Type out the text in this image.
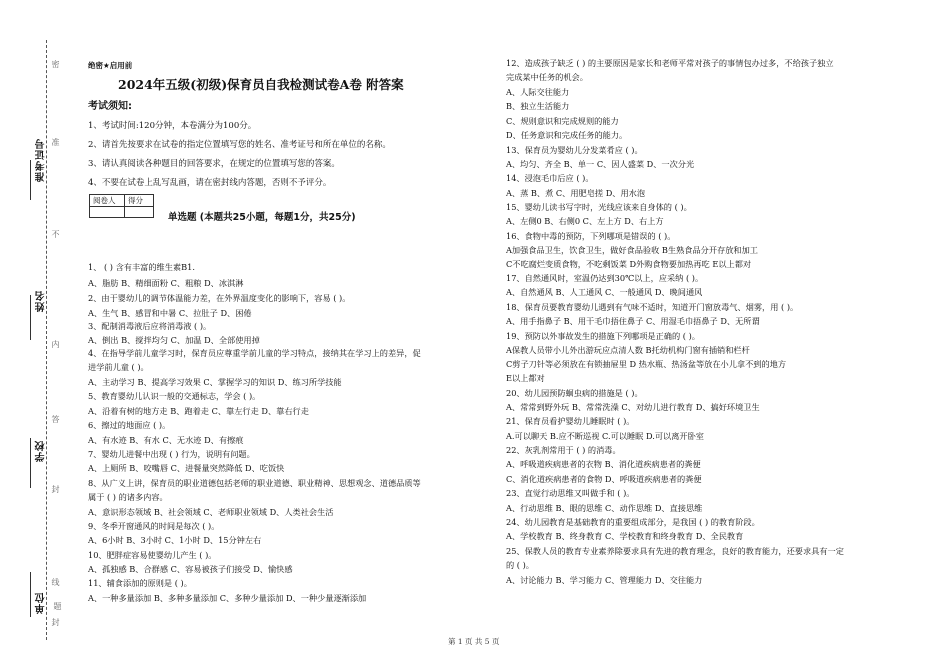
准考证号
姓名
学校
单位
密
准
不
内
答
封
线
题
封
绝密★启用前
2024年五级(初级)保育员自我检测试卷A卷 附答案
考试须知:
1、考试时间:120分钟，本卷满分为100分。
2、请首先按要求在试卷的指定位置填写您的姓名、准考证号和所在单位的名称。
3、请认真阅读各种题目的回答要求，在规定的位置填写您的答案。
4、不要在试卷上乱写乱画，请在密封线内答题，否则不予评分。
阅卷人	得分

单选题 (本题共25小题，每题1分，共25分)
1、 ( ) 含有丰富的维生素B1.
A、脂肪 B、精细面粉 C、粗粮 D、冰淇淋
2、由于婴幼儿的调节体温能力差，在外界温度变化的影响下，容易 ( )。
A、生气 B、感冒和中暑 C、拉肚子 D、困倦
3、配制消毒液后应将消毒液 ( )。
A、倒出 B、搅拌均匀 C、加温 D、全部使用掉
4、在指导学前儿童学习时，保育员应尊重学前儿童的学习特点，接纳其在学习上的差异，促
进学前儿童 ( )。
A、主动学习 B、提高学习效果 C、掌握学习的知识 D、练习所学技能
5、教育婴幼儿认识一般的交通标志，学会 ( )。
A、沿着有树的地方走 B、跑着走 C、靠左行走 D、靠右行走
6、擦过的地面应 ( )。
A、有水迹 B、有水 C、无水迹 D、有擦痕
7、婴幼儿进餐中出现 ( ) 行为，说明有问题。
A、上厕所 B、咬嘴唇 C、进餐量突然降低 D、吃饭快
8、从广义上讲，保育员的职业道德包括老师的职业道德、职业精神、思想观念、道德品质等
属于 ( ) 的诸多内容。
A、意识形态领域 B、社会领域 C、老师职业领域 D、人类社会生活
9、冬季开窗通风的时间是每次 ( )。
A、6小时 B、3小时 C、1小时 D、15分钟左右
10、肥胖症容易使婴幼儿产生 ( )。
A、孤独感 B、合群感 C、容易被孩子们接受 D、愉快感
11、辅食添加的原则是 ( )。
A、一种多量添加 B、多种多量添加 C、多种少量添加 D、一种少量逐渐添加
12、造成孩子缺乏 ( ) 的主要原因是家长和老师平常对孩子的事情包办过多，不给孩子独立
完成某中任务的机会。
A、人际交往能力
B、独立生活能力
C、规则意识和完成规则的能力
D、任务意识和完成任务的能力。
13、保育员为婴幼儿分发菜肴应 ( )。
A、均匀、齐全 B、单一 C、因人盛菜 D、一次分光
14、浸泡毛巾后应 ( )。
A、蒸 B、煮 C、用肥皂搓 D、用水泡
15、婴幼儿读书写字时，光线应该来自身体的 ( )。
A、左侧0 B、右侧0 C、左上方 D、右上方
16、食物中毒的预防，下列哪项是错误的 ( )。
A加强食品卫生，饮食卫生，做好食品验收 B生熟食品分开存放和加工
C不吃腐烂变质食物，不吃剩饭菜 D外购食物要加热再吃 E以上都对
17、自然通风时，室温仍达到30℃以上，应采纳 ( )。
A、自然通风 B、人工通风 C、一般通风 D、晚间通风
18、保育员要教育婴幼儿遇到有气味不适时，知道开门窗放毒气、烟雾，用 ( )。
A、用手指鼻子 B、用干毛巾捂住鼻子 C、用湿毛巾捂鼻子 D、无所谓
19、预防以外事故发生的措施下列哪项是正确的 ( )。
A保教人员带小儿外出游玩应点清人数 B托幼机构门窗有插销和栏杆
C剪子刀针等必须放在有锁抽屉里 D 热水瓶、热汤盆等放在小儿拿不到的地方
E以上都对
20、幼儿园预防蛔虫病的措施是 ( )。
A、常常到野外玩 B、常常洗澡 C、对幼儿进行教育 D、搞好环境卫生
21、保育员看护婴幼儿睡眠时 ( )。
A.可以聊天 B.应不断巡视 C.可以睡眠 D.可以离开卧室
22、灰乳剂常用于 ( ) 的消毒。
A、呼吸道疾病患者的衣物 B、消化道疾病患者的粪便
C、消化道疾病患者的食物 D、呼吸道疾病患者的粪便
23、直觉行动思维又叫做手和 ( )。
A、行动思维 B、眼的思维 C、动作思维 D、直接思维
24、幼儿园教育是基础教育的重要组成部分，是我国 ( ) 的教育阶段。
A、学校教育 B、终身教育 C、学校教育和终身教育 D、全民教育
25、保教人员的教育专业素养除要求具有先进的教育理念，良好的教育能力，还要求具有一定
的 ( )。
A、讨论能力 B、学习能力 C、管理能力 D、交往能力
第 1 页 共 5 页
